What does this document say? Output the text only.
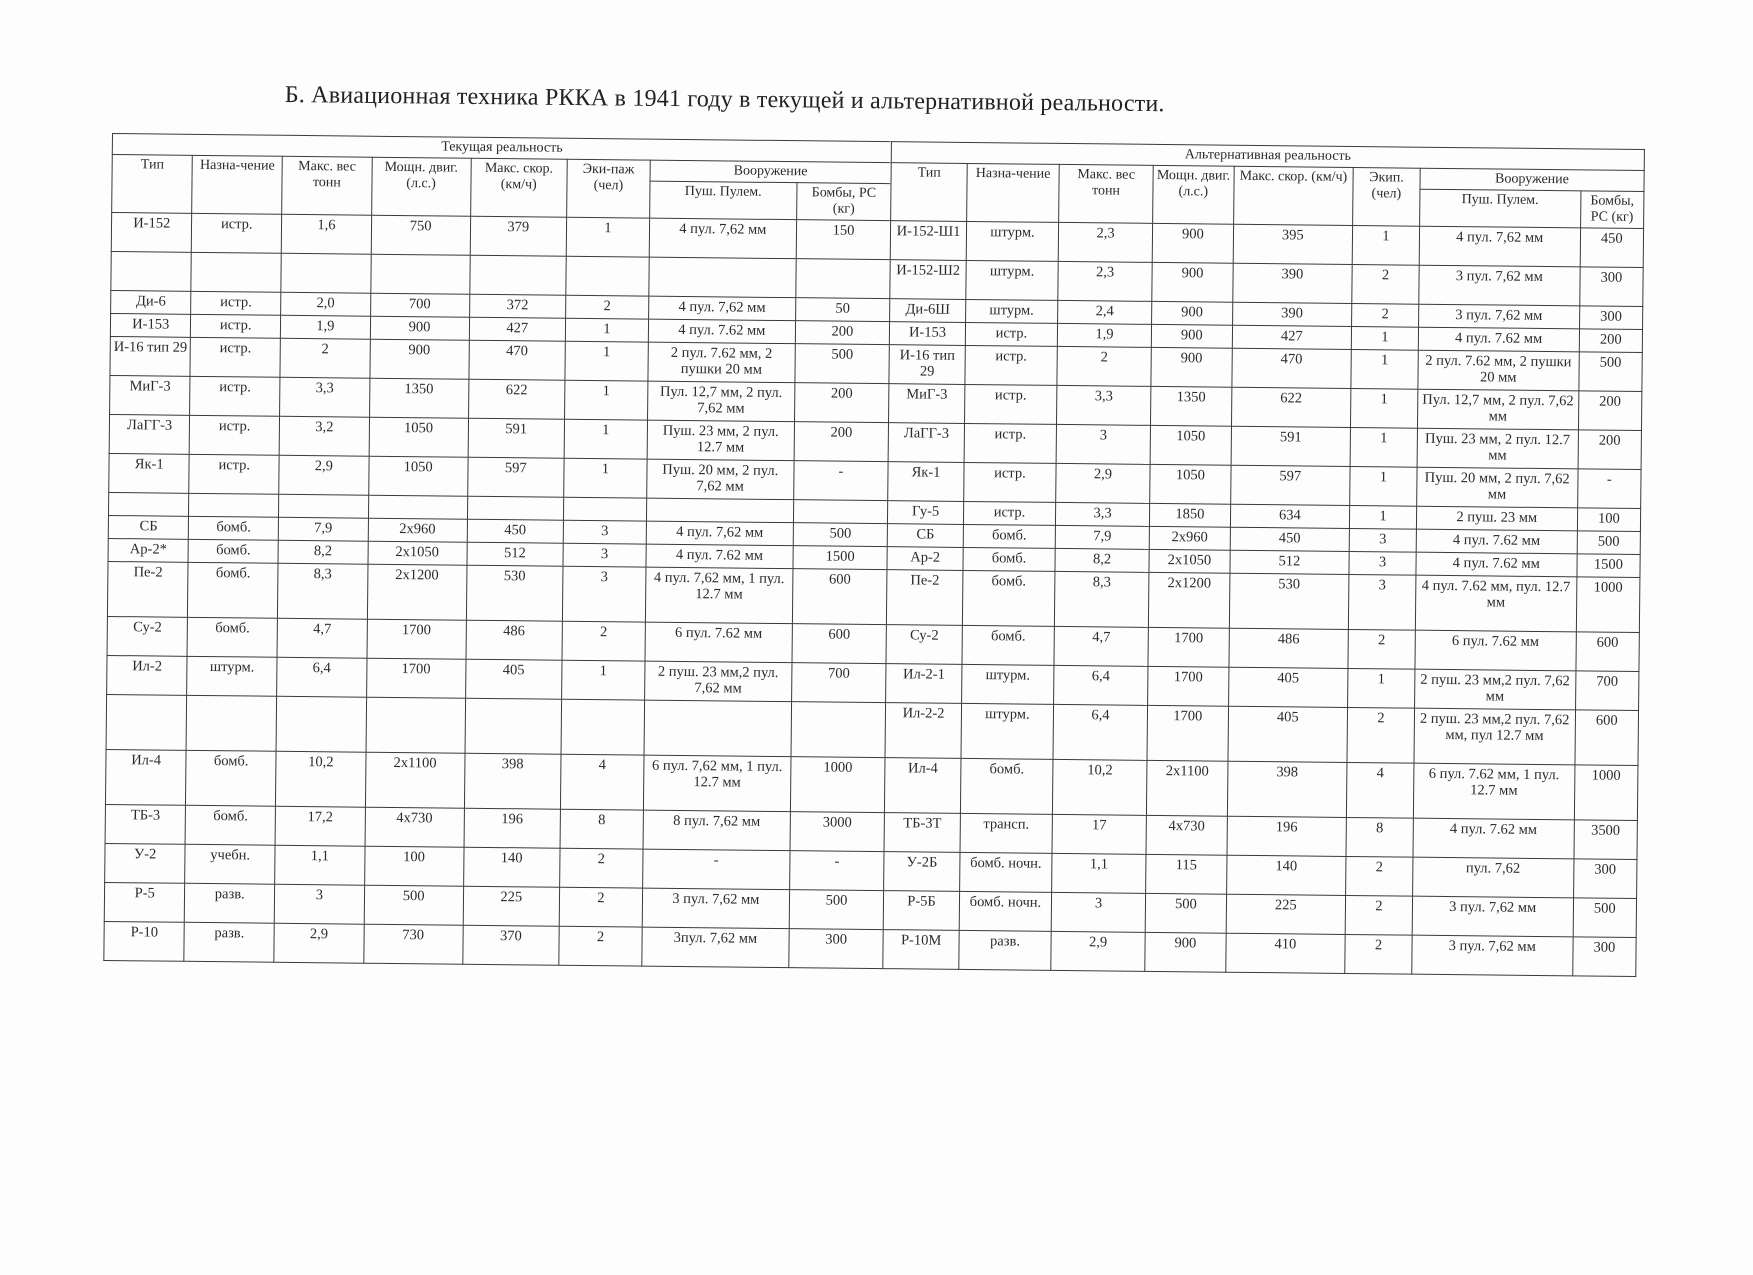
Б. Авиационная техника РККА в 1941 году в текущей и альтернативной реальности.
Текущая реальность								Альтернативная реальность							
Тип	Назна-чение	Макс. вес тонн	Мощн. двиг. (л.с.)	Макс. скор. (км/ч)	Эки-паж (чел)	Вооружение		Тип	Назна-чение	Макс. вес тонн	Мощн. двиг. (л.с.)	Макс. скор. (км/ч)	Экип. (чел)	Вооружение	
						Пуш. Пулем.	Бомбы, РС (кг)							Пуш. Пулем.	Бомбы, РС (кг)
И-152	истр.	1,6	750	379	1	4 пул. 7,62 мм	150	И-152-Ш1	штурм.	2,3	900	395	1	4 пул. 7,62 мм	450
								И-152-Ш2	штурм.	2,3	900	390	2	3 пул. 7,62 мм	300
Ди-6	истр.	2,0	700	372	2	4 пул. 7,62 мм	50	Ди-6Ш	штурм.	2,4	900	390	2	3 пул. 7,62 мм	300
И-153	истр.	1,9	900	427	1	4 пул. 7.62 мм	200	И-153	истр.	1,9	900	427	1	4 пул. 7.62 мм	200
И-16 тип 29	истр.	2	900	470	1	2 пул. 7.62 мм, 2 пушки 20 мм	500	И-16 тип 29	истр.	2	900	470	1	2 пул. 7.62 мм, 2 пушки 20 мм	500
МиГ-3	истр.	3,3	1350	622	1	Пул. 12,7 мм, 2 пул. 7,62 мм	200	МиГ-3	истр.	3,3	1350	622	1	Пул. 12,7 мм, 2 пул. 7,62 мм	200
ЛаГГ-3	истр.	3,2	1050	591	1	Пуш. 23 мм, 2 пул. 12.7 мм	200	ЛаГГ-3	истр.	3	1050	591	1	Пуш. 23 мм, 2 пул. 12.7 мм	200
Як-1	истр.	2,9	1050	597	1	Пуш. 20 мм, 2 пул. 7,62 мм	-	Як-1	истр.	2,9	1050	597	1	Пуш. 20 мм, 2 пул. 7,62 мм	-
								Гу-5	истр.	3,3	1850	634	1	2 пуш. 23 мм	100
СБ	бомб.	7,9	2х960	450	3	4 пул. 7,62 мм	500	СБ	бомб.	7,9	2х960	450	3	4 пул. 7.62 мм	500
Ар-2*	бомб.	8,2	2х1050	512	3	4 пул. 7.62 мм	1500	Ар-2	бомб.	8,2	2х1050	512	3	4 пул. 7.62 мм	1500
Пе-2	бомб.	8,3	2х1200	530	3	4 пул. 7,62 мм, 1 пул. 12.7 мм	600	Пе-2	бомб.	8,3	2х1200	530	3	4 пул. 7.62 мм, пул. 12.7 мм	1000
Су-2	бомб.	4,7	1700	486	2	6 пул. 7.62 мм	600	Су-2	бомб.	4,7	1700	486	2	6 пул. 7.62 мм	600
Ил-2	штурм.	6,4	1700	405	1	2 пуш. 23 мм,2 пул. 7,62 мм	700	Ил-2-1	штурм.	6,4	1700	405	1	2 пуш. 23 мм,2 пул. 7,62 мм	700
								Ил-2-2	штурм.	6,4	1700	405	2	2 пуш. 23 мм,2 пул. 7,62 мм, пул 12.7 мм	600
Ил-4	бомб.	10,2	2х1100	398	4	6 пул. 7,62 мм, 1 пул. 12.7 мм	1000	Ил-4	бомб.	10,2	2х1100	398	4	6 пул. 7.62 мм, 1 пул. 12.7 мм	1000
ТБ-3	бомб.	17,2	4х730	196	8	8 пул. 7,62 мм	3000	ТБ-3Т	трансп.	17	4х730	196	8	4 пул. 7.62 мм	3500
У-2	учебн.	1,1	100	140	2	-	-	У-2Б	бомб. ночн.	1,1	115	140	2	пул. 7,62	300
Р-5	разв.	3	500	225	2	3 пул. 7,62 мм	500	Р-5Б	бомб. ночн.	3	500	225	2	3 пул. 7,62 мм	500
Р-10	разв.	2,9	730	370	2	3пул. 7,62 мм	300	Р-10М	разв.	2,9	900	410	2	3 пул. 7,62 мм	300
